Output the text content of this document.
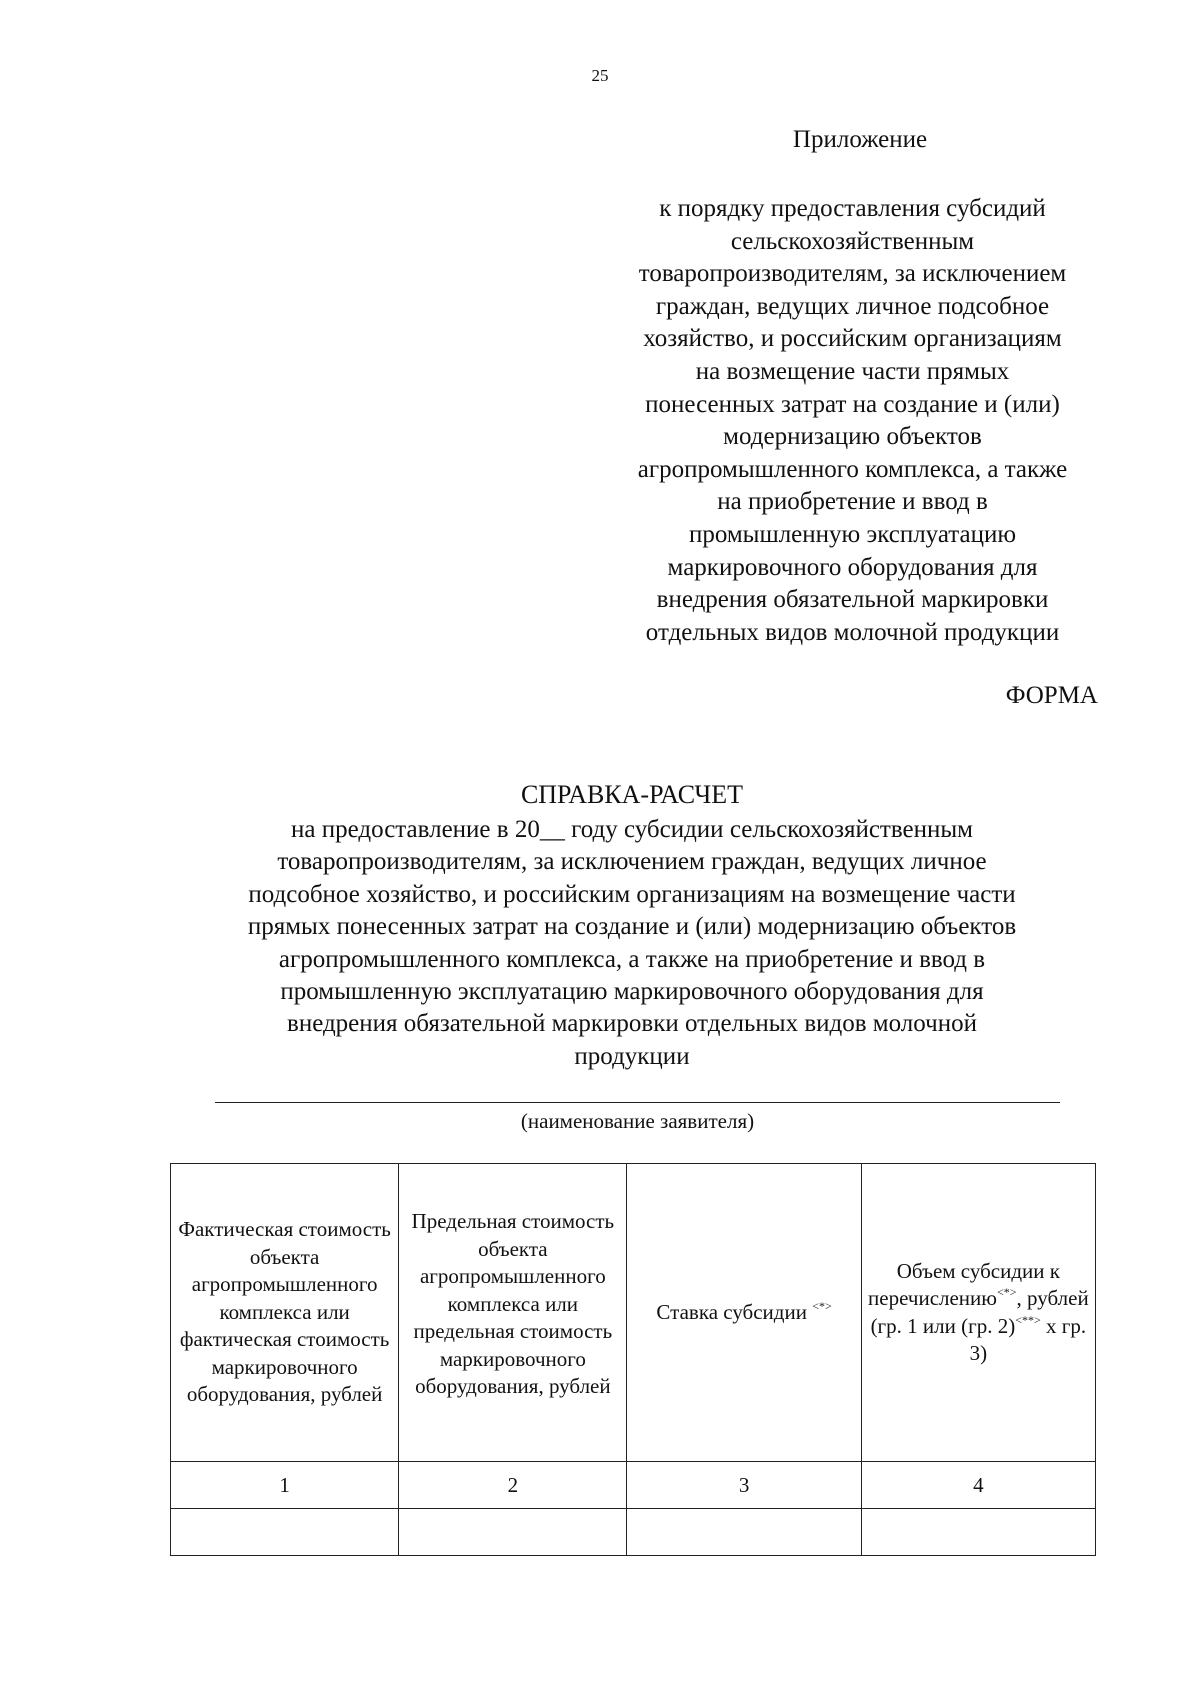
25
Приложение
к порядку предоставления субсидий
сельскохозяйственным
товаропроизводителям, за исключением
граждан, ведущих личное подсобное
хозяйство, и российским организациям
на возмещение части прямых
понесенных затрат на создание и (или)
модернизацию объектов
агропромышленного комплекса, а также
на приобретение и ввод в
промышленную эксплуатацию
маркировочного оборудования для
внедрения обязательной маркировки
отдельных видов молочной продукции
ФОРМА
СПРАВКА-РАСЧЕТ
на предоставление в 20__ году субсидии сельскохозяйственным
товаропроизводителям, за исключением граждан, ведущих личное
подсобное хозяйство, и российским организациям на возмещение части
прямых понесенных затрат на создание и (или) модернизацию объектов
агропромышленного комплекса, а также на приобретение и ввод в
промышленную эксплуатацию маркировочного оборудования для
внедрения обязательной маркировки отдельных видов молочной
продукции
(наименование заявителя)
Фактическая стоимость объекта агропромышленного комплекса или фактическая стоимость маркировочного оборудования, рублей	Предельная стоимость объекта агропромышленного комплекса или предельная стоимость маркировочного оборудования, рублей	Ставка субсидии <*>	Объем субсидии к перечислению<*>, рублей (гр. 1 или (гр. 2)<**> х гр. 3)
1	2	3	4
